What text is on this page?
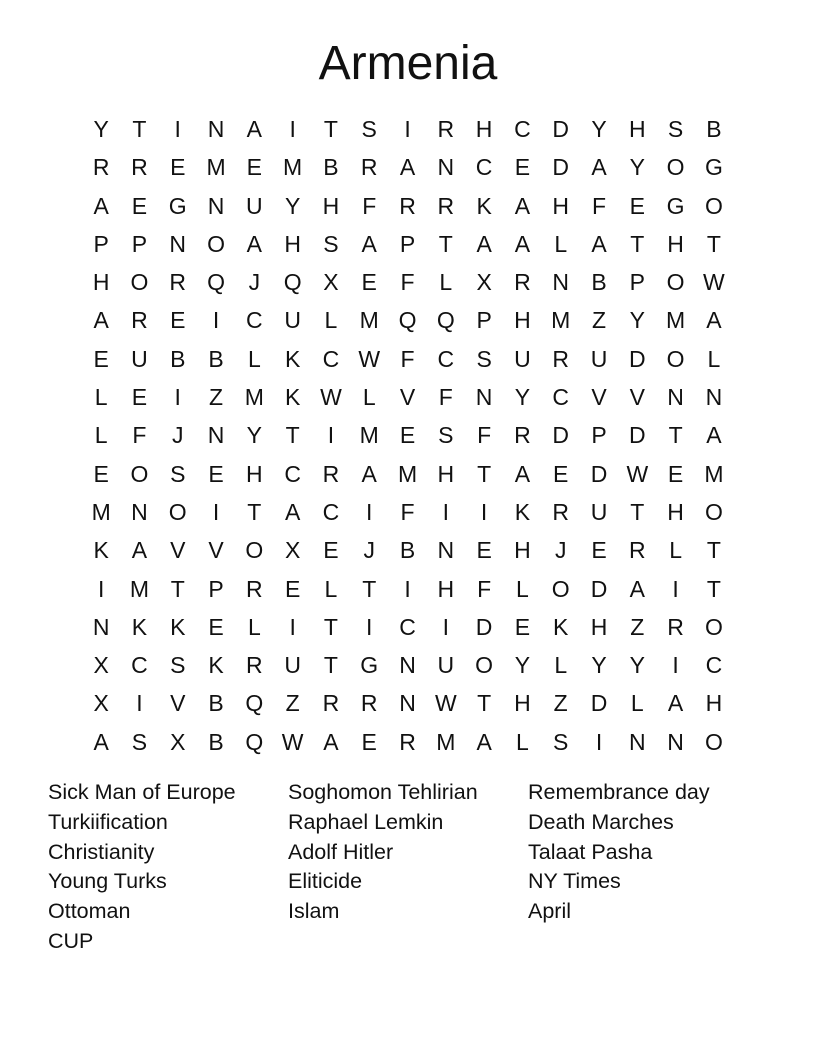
Armenia
Y	T	I	N A	I	T	S	I	R H C D Y H S B
R R E M E M B R A N C E D A Y O G
A E G N U Y H F R R K A H F	E G O
P P N O A H S A P	T	A A	L	A	T H T
H O R Q	J	Q X E	F	L	X R N B P O W
A R E	I	C U	L M Q Q P H M Z	Y M A
E U B B	L	K C W F C S U R U D O L
L	E	I	Z M K W L	V	F N Y C V V N N
L	F	J	N Y	T	I	M E S	F R D P D T	A
E O S E H C R A M H T	A E D W E M
M N O	I	T	A C	I	F	I	I	K R U T H O
K A V V O X E	J	B N E H	J	E R	L	T
I	M T	P R E	L	T	I	H F	L O D A	I	T
N K K E	L	I	T	I	C	I	D E K H Z R O
X C S K R U T G N U O Y	L	Y Y	I	C
X	I	V B Q Z R R N W T H Z D	L	A H
A S X B Q W A E R M A	L	S	I	N N O
Sick Man of Europe	Soghomon Tehlirian	Remembrance day
Turkiification	Raphael Lemkin	Death Marches
Christianity	Adolf Hitler	Talaat Pasha
Young Turks	Eliticide	NY Times
Ottoman	Islam	April
CUP
